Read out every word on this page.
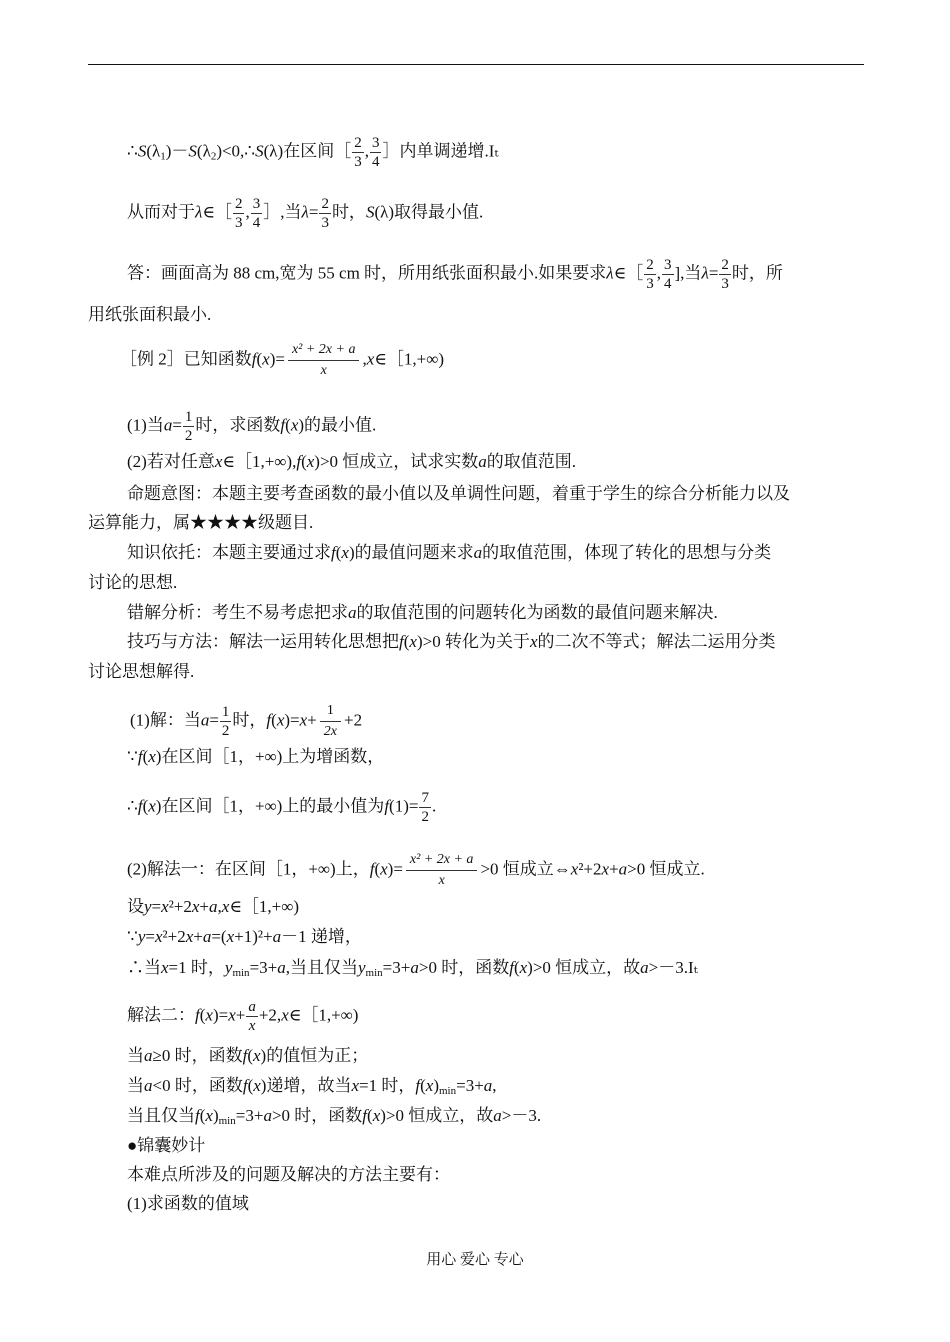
$\therefore S(\lambda_1)-S(\lambda_2)<0,\therefore S(\lambda)$在区间［ $\frac{2}{3}$ , $\frac{3}{4}$ ］内单调递增.Iₜ
从而对于λ∈［ $\frac{2}{3}$ , $\frac{3}{4}$ ］,当$\lambda= \frac{2}{3}$ 时，S(λ)取得最小值.
答：画面高为 88 cm,宽为 55 cm 时，所用纸张面积最小.如果要求λ∈［ $\frac{2}{3}$ , $\frac{3}{4}$ ],当$\lambda= \frac{2}{3}$ 时，所
用纸张面积最小.
［例 2］已知函数$f(x)= \frac{\text{x² + 2x + a}}{x}$ ,x∈［1,+∞)
(1)当$a= \frac{1}{2}$ 时，求函数f(x)的最小值.
(2)若对任意x∈［1,+∞),f(x)>0 恒成立，试求实数a的取值范围.
命题意图：本题主要考查函数的最小值以及单调性问题，着重于学生的综合分析能力以及
运算能力，属★★★★级题目.
知识依托：本题主要通过求f(x)的最值问题来求a的取值范围，体现了转化的思想与分类
讨论的思想.
错解分析：考生不易考虑把求a的取值范围的问题转化为函数的最值问题来解决.
技巧与方法：解法一运用转化思想把f(x)>0 转化为关于x的二次不等式；解法二运用分类
讨论思想解得.
(1)解：当$a= \frac{1}{2}$ 时，$f(x)=x+ \frac{1}{2x} +2$
∵f(x)在区间［1，+∞)上为增函数，
∴f(x)在区间［1，+∞)上的最小值为$f(1)= \frac{7}{2}$ .
(2)解法一：在区间［1，+∞)上，$f(x)= \frac{\text{x² + 2x + a}}{x} >0$ 恒成立⇔x²+2x+a>0 恒成立.
设y=x²+2x+a,x∈［1,+∞)
∵y=x²+2x+a=(x+1)²+a－1 递增，
∴当x=1 时，$y_{min}=3+a$,当且仅当$y_{min}=3+a>0$ 时，函数f(x)>0 恒成立，故a>－3.Iₜ
解法二：$f(x)=x+ \frac{a}{x}$ +2,x∈［1,+∞)
当a≥0 时，函数f(x)的值恒为正；
当a<0 时，函数f(x)递增，故当x=1 时，$f(x)_{min}=3+a$,
当且仅当$f(x)_{min}=3+a>0$ 时，函数f(x)>0 恒成立，故a>－3.
●锦囊妙计
本难点所涉及的问题及解决的方法主要有：
(1)求函数的值域
用心 爱心 专心
